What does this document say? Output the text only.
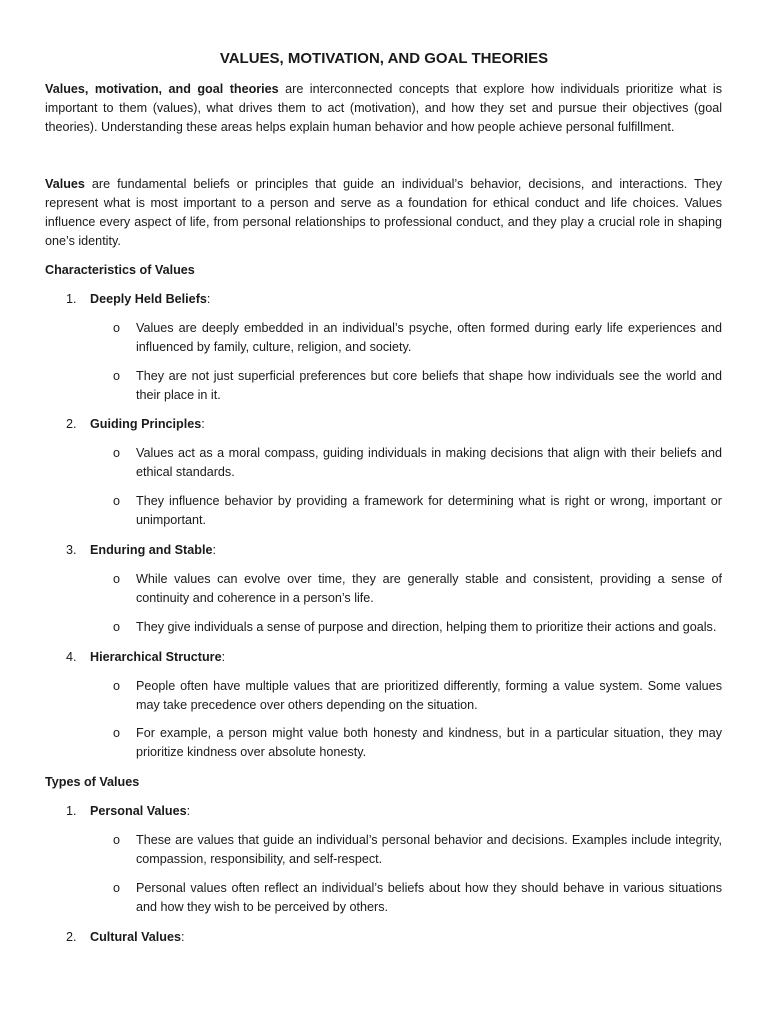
VALUES, MOTIVATION, AND GOAL THEORIES

Values, motivation, and goal theories are interconnected concepts that explore how individuals prioritize what is important to them (values), what drives them to act (motivation), and how they set and pursue their objectives (goal theories). Understanding these areas helps explain human behavior and how people achieve personal fulfillment.

Values are fundamental beliefs or principles that guide an individual’s behavior, decisions, and interactions. They represent what is most important to a person and serve as a foundation for ethical conduct and life choices. Values influence every aspect of life, from personal relationships to professional conduct, and they play a crucial role in shaping one’s identity.

Characteristics of Values

1. Deeply Held Beliefs:

o	Values are deeply embedded in an individual’s psyche, often formed during early life experiences and influenced by family, culture, religion, and society.
o	They are not just superficial preferences but core beliefs that shape how individuals see the world and their place in it.

2. Guiding Principles:

o	Values act as a moral compass, guiding individuals in making decisions that align with their beliefs and ethical standards.
o	They influence behavior by providing a framework for determining what is right or wrong, important or unimportant.

3. Enduring and Stable:

o	While values can evolve over time, they are generally stable and consistent, providing a sense of continuity and coherence in a person’s life.
o	They give individuals a sense of purpose and direction, helping them to prioritize their actions and goals.

4. Hierarchical Structure:

o	People often have multiple values that are prioritized differently, forming a value system. Some values may take precedence over others depending on the situation.
o	For example, a person might value both honesty and kindness, but in a particular situation, they may prioritize kindness over absolute honesty.

Types of Values

1. Personal Values:

o	These are values that guide an individual’s personal behavior and decisions. Examples include integrity, compassion, responsibility, and self-respect.
o	Personal values often reflect an individual’s beliefs about how they should behave in various situations and how they wish to be perceived by others.

2. Cultural Values:
